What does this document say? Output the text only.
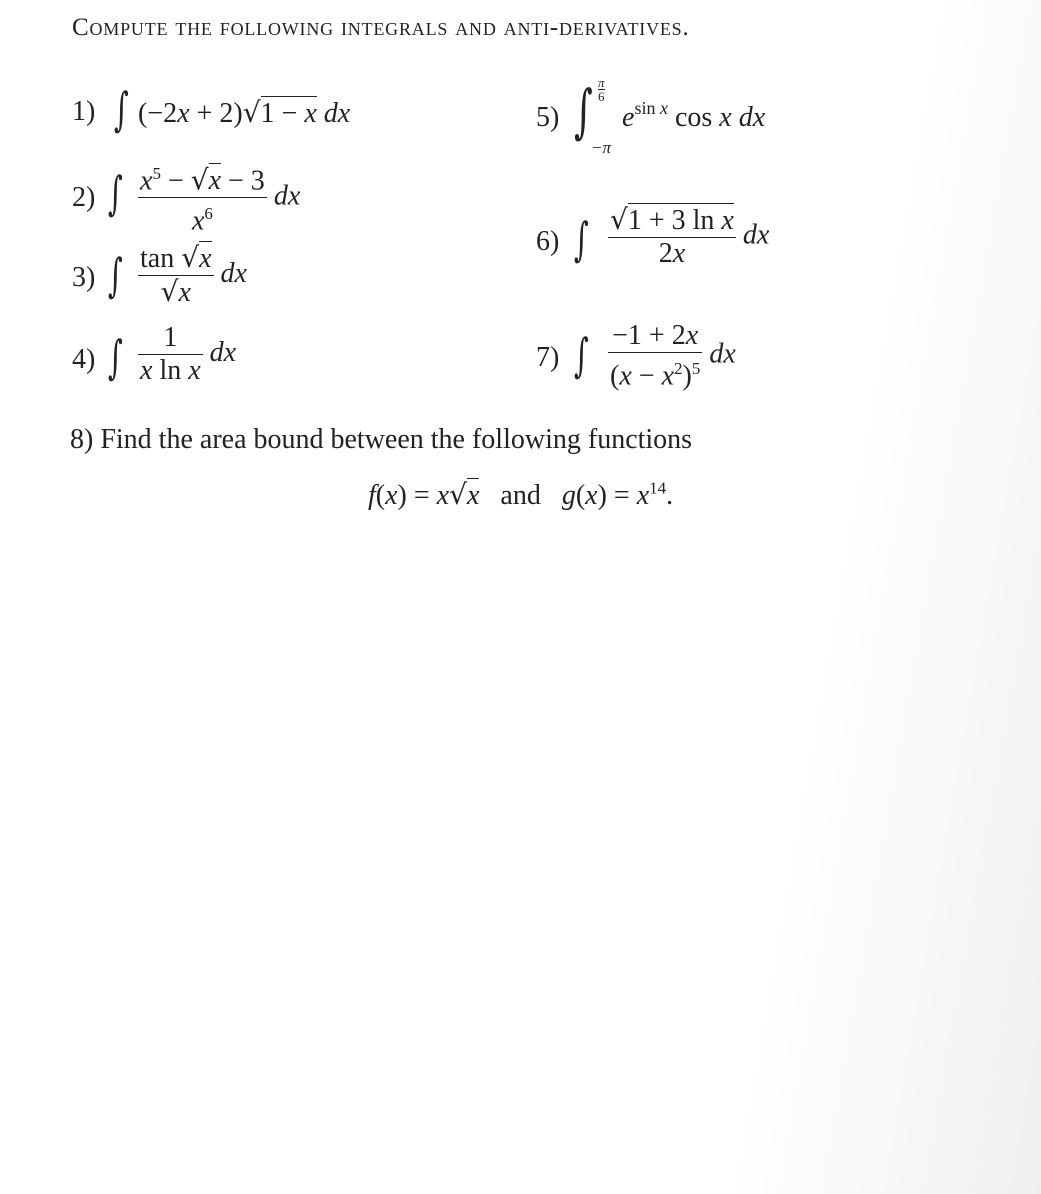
Compute the following integrals and anti-derivatives.
1) ∫ (−2x + 2)√1 − x dx
2) ∫ $\frac{x^5 - √x - 3}{x^6}$ dx
3) ∫ $\frac{\tan √x}{√x}$ dx
4) ∫ $\frac{1}{\text{x ln x}}$ dx
5) ∫ π
6
−π
$e^{sin x}$ cos x dx
6) ∫ $\frac{\text{√1 + 3 ln x}}{2x}$ dx
7) ∫ $\frac{-1 + 2x}{(x - x^2)^5}$ dx
8) Find the area bound between the following functions
f(x) = x√x and $g(x) = x^{14}$.
